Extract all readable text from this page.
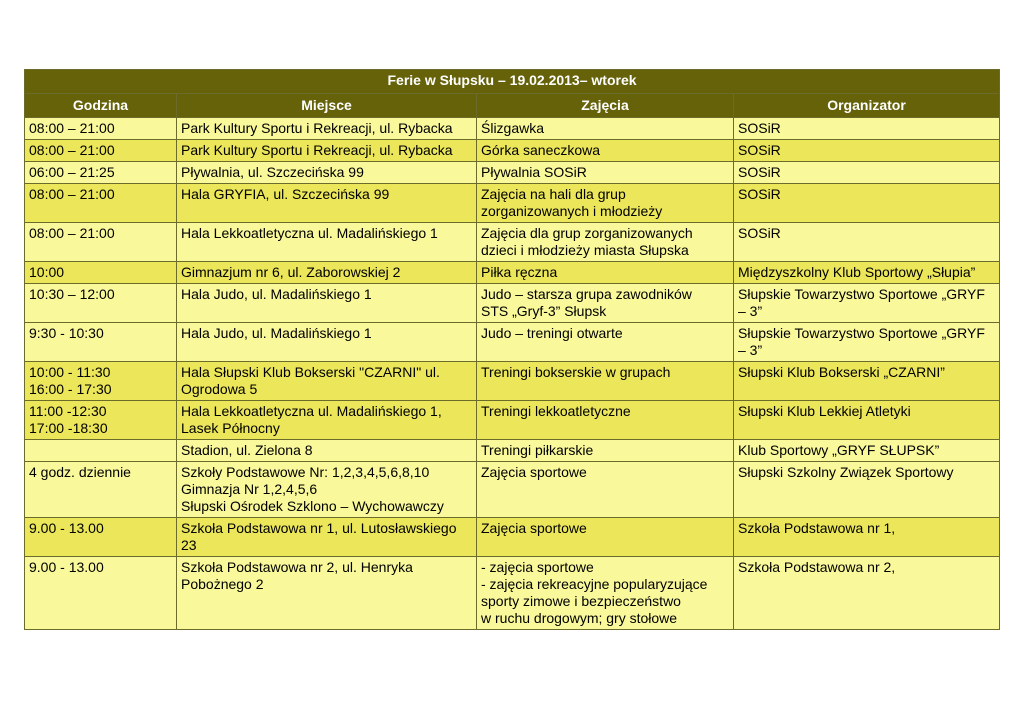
Ferie w Słupsku – 19.02.2013– wtorek			
Godzina	Miejsce	Zajęcia	Organizator
08:00 – 21:00	Park Kultury Sportu i Rekreacji, ul. Rybacka	Ślizgawka	SOSiR
08:00 – 21:00	Park Kultury Sportu i Rekreacji, ul. Rybacka	Górka saneczkowa	SOSiR
06:00 – 21:25	Pływalnia, ul. Szczecińska 99	Pływalnia SOSiR	SOSiR
08:00 – 21:00	Hala GRYFIA, ul. Szczecińska 99	Zajęcia na hali dla grup
zorganizowanych i młodzieży	SOSiR
08:00 – 21:00	Hala Lekkoatletyczna ul. Madalińskiego 1	Zajęcia dla grup zorganizowanych
dzieci i młodzieży miasta Słupska	SOSiR
10:00	Gimnazjum nr 6, ul. Zaborowskiej 2	Piłka ręczna	Międzyszkolny Klub Sportowy „Słupia”
10:30 – 12:00	Hala Judo, ul. Madalińskiego 1	Judo – starsza grupa zawodników
STS „Gryf-3” Słupsk	Słupskie Towarzystwo Sportowe „GRYF
– 3”
9:30 - 10:30	Hala Judo, ul. Madalińskiego 1	Judo – treningi otwarte	Słupskie Towarzystwo Sportowe „GRYF
– 3”
10:00 - 11:30
16:00 - 17:30	Hala Słupski Klub Bokserski "CZARNI" ul.
Ogrodowa 5	Treningi bokserskie w grupach	Słupski Klub Bokserski „CZARNI”
11:00 -12:30
17:00 -18:30	Hala Lekkoatletyczna ul. Madalińskiego 1,
Lasek Północny	Treningi lekkoatletyczne	Słupski Klub Lekkiej Atletyki
	Stadion, ul. Zielona 8	Treningi piłkarskie	Klub Sportowy „GRYF SŁUPSK”
4 godz. dziennie	Szkoły Podstawowe Nr: 1,2,3,4,5,6,8,10
Gimnazja Nr 1,2,4,5,6
Słupski Ośrodek Szklono – Wychowawczy	Zajęcia sportowe	Słupski Szkolny Związek Sportowy
9.00 - 13.00	Szkoła Podstawowa nr 1, ul. Lutosławskiego
23	Zajęcia sportowe	Szkoła Podstawowa nr 1,
9.00 - 13.00	Szkoła Podstawowa nr 2, ul. Henryka
Pobożnego 2	- zajęcia sportowe
- zajęcia rekreacyjne popularyzujące
sporty zimowe i bezpieczeństwo
w ruchu drogowym; gry stołowe	Szkoła Podstawowa nr 2,
